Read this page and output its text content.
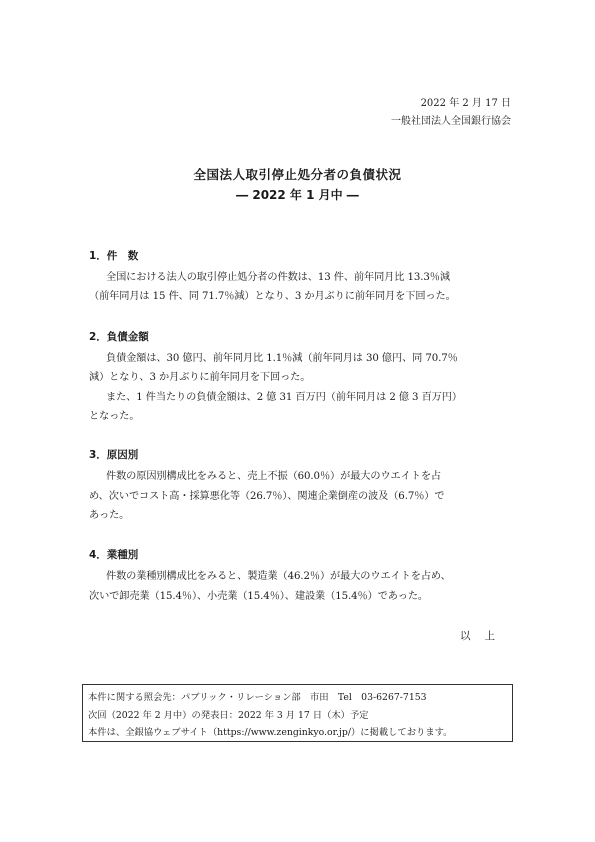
2022 年 2 月 17 日
一般社団法人全国銀行協会
全国法人取引停止処分者の負債状況
― 2022 年 1 月中 ―
1．件　数
全国における法人の取引停止処分者の件数は、13 件、前年同月比 13.3％減
（前年同月は 15 件、同 71.7％減）となり、3 か月ぶりに前年同月を下回った。
2．負債金額
負債金額は、30 億円、前年同月比 1.1％減（前年同月は 30 億円、同 70.7％
減）となり、3 か月ぶりに前年同月を下回った。
また、1 件当たりの負債金額は、2 億 31 百万円（前年同月は 2 億 3 百万円）
となった。
3．原因別
件数の原因別構成比をみると、売上不振（60.0％）が最大のウエイトを占
め、次いでコスト高・採算悪化等（26.7％）、関連企業倒産の波及（6.7％）で
あった。
4．業種別
件数の業種別構成比をみると、製造業（46.2％）が最大のウエイトを占め、
次いで卸売業（15.4％）、小売業（15.4％）、建設業（15.4％）であった。
以上
本件に関する照会先：パブリック・リレーション部　市田　Tel　03-6267-7153
次回（2022 年 2 月中）の発表日：2022 年 3 月 17 日（木）予定
本件は、全銀協ウェブサイト（https://www.zenginkyo.or.jp/）に掲載しております。
